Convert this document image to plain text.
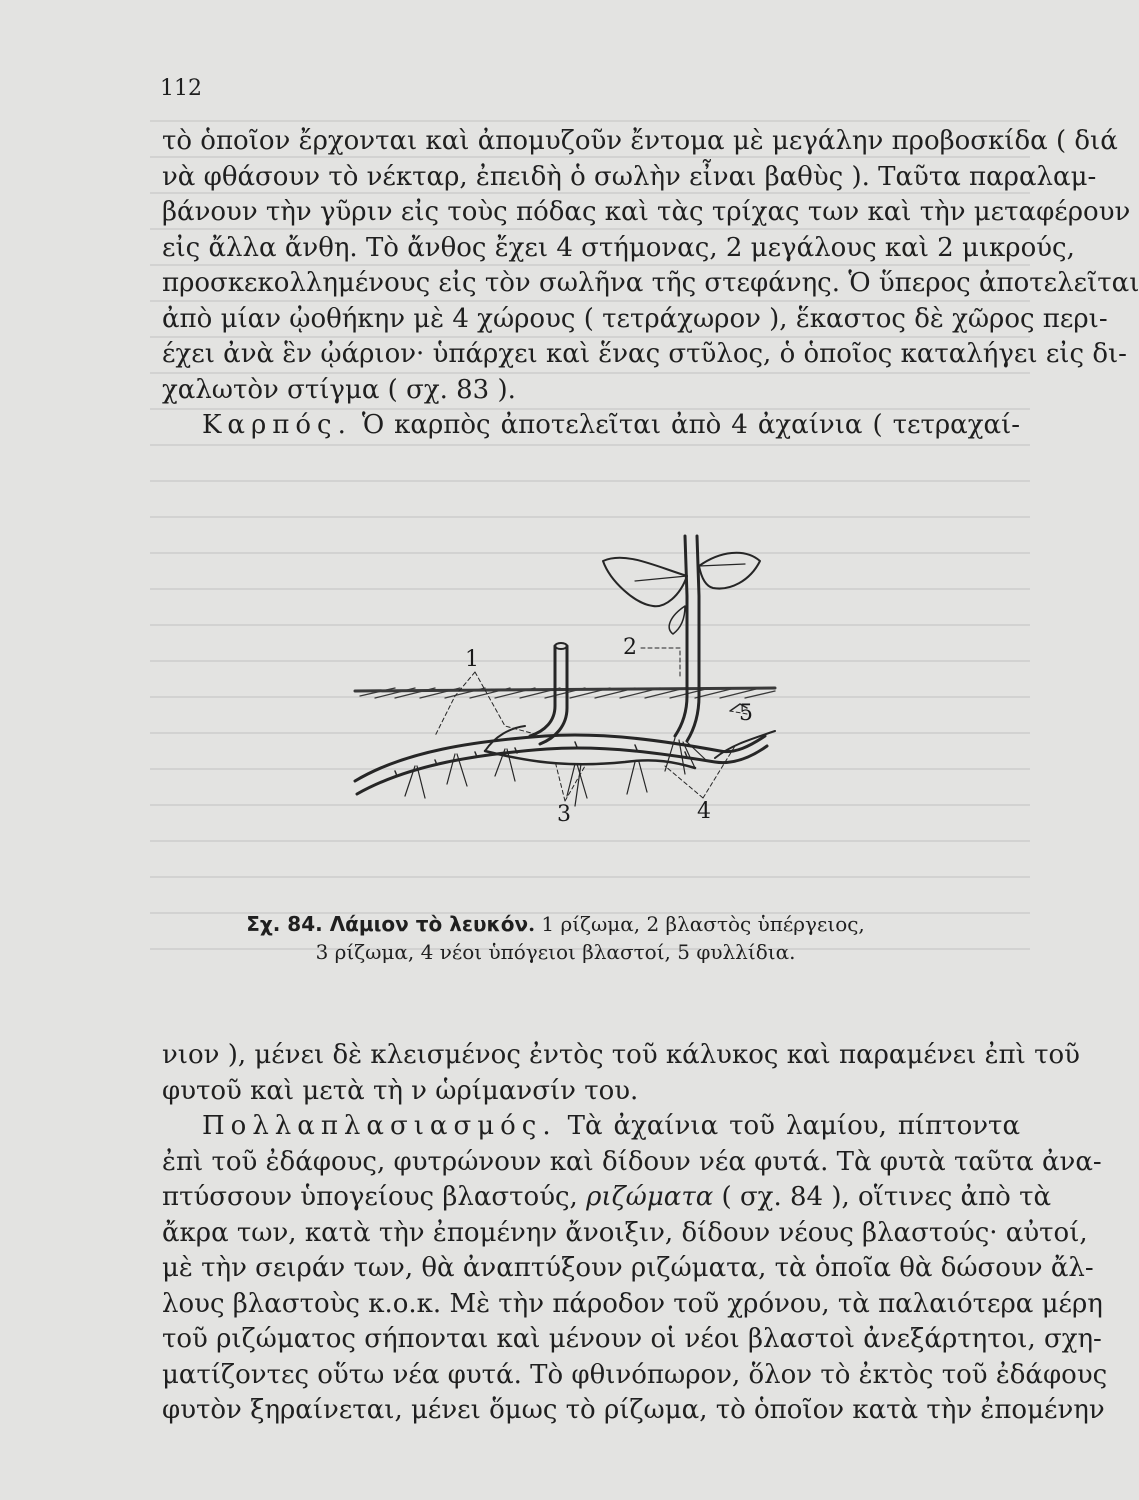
112
τὸ ὁποῖον ἔρχονται καὶ ἀπομυζοῦν ἔντομα μὲ μεγάλην προβοσκίδα ( διά
νὰ φθάσουν τὸ νέκταρ, ἐπειδὴ ὁ σωλὴν εἶναι βαθὺς ). Ταῦτα παραλαμ-
βάνουν τὴν γῦριν εἰς τοὺς πόδας καὶ τὰς τρίχας των καὶ τὴν μεταφέρουν
εἰς ἄλλα ἄνθη. Τὸ ἄνθος ἔχει 4 στήμονας, 2 μεγάλους καὶ 2 μικρούς,
προσκεκολλημένους εἰς τὸν σωλῆνα τῆς στεφάνης. Ὁ ὕπερος ἀποτελεῖται
ἀπὸ μίαν ᾠοθήκην μὲ 4 χώρους ( τετράχωρον ), ἕκαστος δὲ χῶρος περι-
έχει ἀνὰ ἓν ᾠάριον· ὑπάρχει καὶ ἕνας στῦλος, ὁ ὁποῖος καταλήγει εἰς δι-
χαλωτὸν στίγμα ( σχ. 83 ).
Καρπός. Ὁ καρπὸς ἀποτελεῖται ἀπὸ 4 ἀχαίνια ( τετραχαί-
1	2
3	4
5
Σχ. 84. Λάμιον τὸ λευκόν. 1 ρίζωμα, 2 βλαστὸς ὑπέργειος,
3 ρίζωμα, 4 νέοι ὑπόγειοι βλαστοί, 5 φυλλίδια.
νιον ), μένει δὲ κλεισμένος ἐντὸς τοῦ κάλυκος καὶ παραμένει ἐπὶ τοῦ
φυτοῦ καὶ μετὰ τὴ ν ὡρίμανσίν του.
Πολλαπλασιασμός. Τὰ ἀχαίνια τοῦ λαμίου, πίπτοντα
ἐπὶ τοῦ ἐδάφους, φυτρώνουν καὶ δίδουν νέα φυτά. Τὰ φυτὰ ταῦτα ἀνα-
πτύσσουν ὑπογείους βλαστούς, ριζώματα ( σχ. 84 ), οἵτινες ἀπὸ τὰ
ἄκρα των, κατὰ τὴν ἐπομένην ἄνοιξιν, δίδουν νέους βλαστούς· αὐτοί,
μὲ τὴν σειράν των, θὰ ἀναπτύξουν ριζώματα, τὰ ὁποῖα θὰ δώσουν ἄλ-
λους βλαστοὺς κ.ο.κ. Μὲ τὴν πάροδον τοῦ χρόνου, τὰ παλαιότερα μέρη
τοῦ ριζώματος σήπονται καὶ μένουν οἱ νέοι βλαστοὶ ἀνεξάρτητοι, σχη-
ματίζοντες οὕτω νέα φυτά. Τὸ φθινόπωρον, ὅλον τὸ ἐκτὸς τοῦ ἐδάφους
φυτὸν ξηραίνεται, μένει ὅμως τὸ ρίζωμα, τὸ ὁποῖον κατὰ τὴν ἐπομένην
